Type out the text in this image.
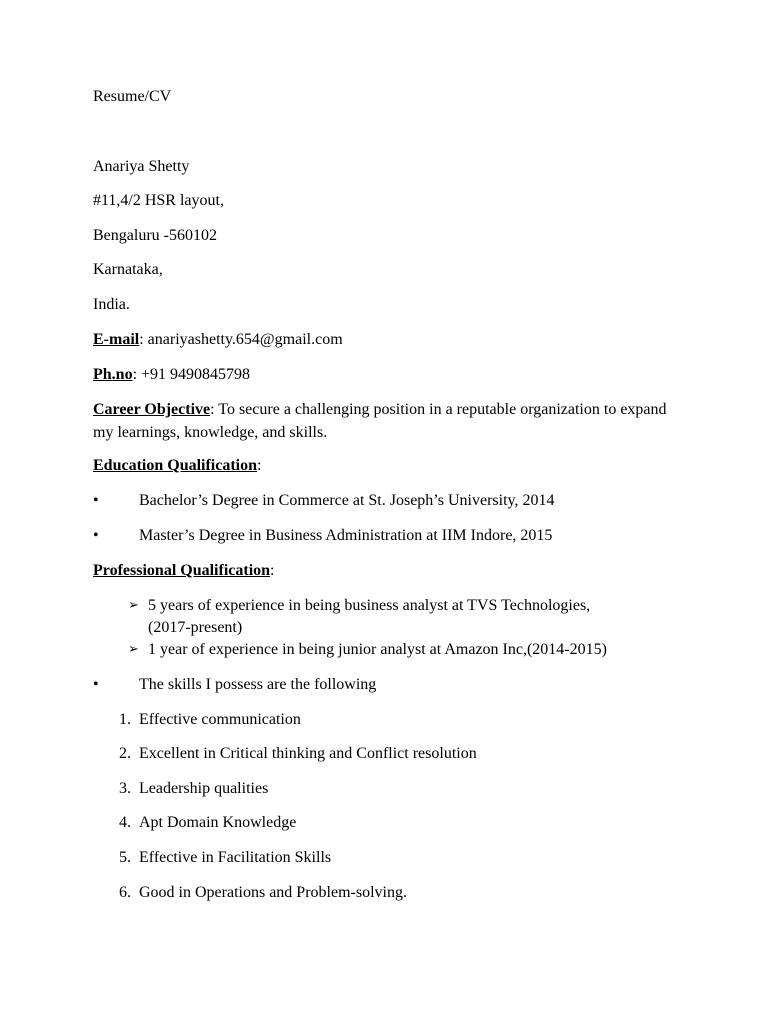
Resume/CV
Anariya Shetty
#11,4/2 HSR layout,
Bengaluru -560102
Karnataka,
India.
E-mail: anariyashetty.654@gmail.com
Ph.no: +91 9490845798
Career Objective: To secure a challenging position in a reputable organization to expand my learnings, knowledge, and skills.
Education Qualification:
•	Bachelor’s Degree in Commerce at St. Joseph’s University, 2014
•	Master’s Degree in Business Administration at IIM Indore, 2015
Professional Qualification:
➢ 5 years of experience in being business analyst at TVS Technologies,
(2017-present)
➢ 1 year of experience in being junior analyst at Amazon Inc,(2014-2015)
•	The skills I possess are the following
1. Effective communication
2. Excellent in Critical thinking and Conflict resolution
3. Leadership qualities
4. Apt Domain Knowledge
5. Effective in Facilitation Skills
6. Good in Operations and Problem-solving.
